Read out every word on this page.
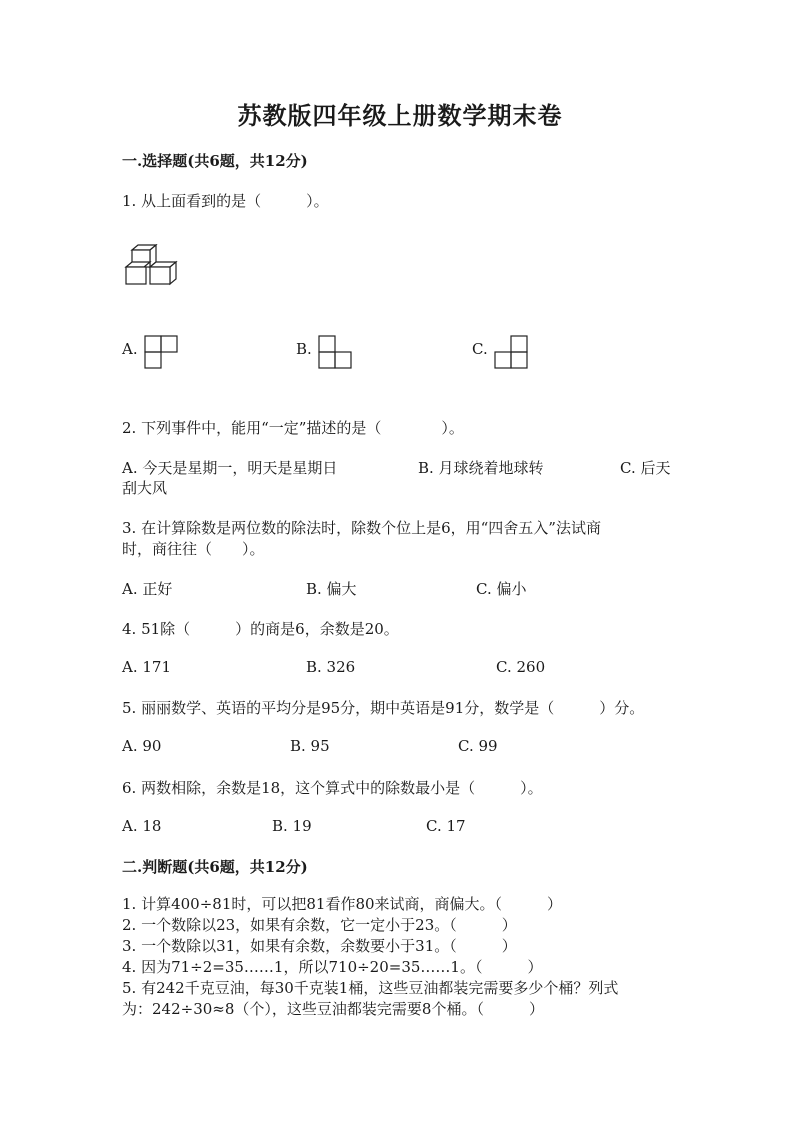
苏教版四年级上册数学期末卷
一.选择题(共6题，共12分)
1. 从上面看到的是（　　　）。
A.	B.	C.
2. 下列事件中，能用“一定”描述的是（　　　　）。
A. 今天是星期一，明天是星期日	B. 月球绕着地球转	C. 后天
刮大风
3. 在计算除数是两位数的除法时，除数个位上是6，用“四舍五入”法试商
时，商往往（　　）。
A. 正好	B. 偏大	C. 偏小
4. 51除（　　　）的商是6，余数是20。
A. 171	B. 326	C. 260
5. 丽丽数学、英语的平均分是95分，期中英语是91分，数学是（　　　）分。
A. 90	B. 95	C. 99
6. 两数相除，余数是18，这个算式中的除数最小是（　　　）。
A. 18	B. 19	C. 17
二.判断题(共6题，共12分)
1. 计算400÷81时，可以把81看作80来试商，商偏大。（　　　）
2. 一个数除以23，如果有余数，它一定小于23。（　　　）
3. 一个数除以31，如果有余数，余数要小于31。（　　　）
4. 因为71÷2=35……1，所以710÷20=35……1。（　　　）
5. 有242千克豆油，每30千克装1桶，这些豆油都装完需要多少个桶？列式
为：242÷30≈8（个），这些豆油都装完需要8个桶。（　　　）
